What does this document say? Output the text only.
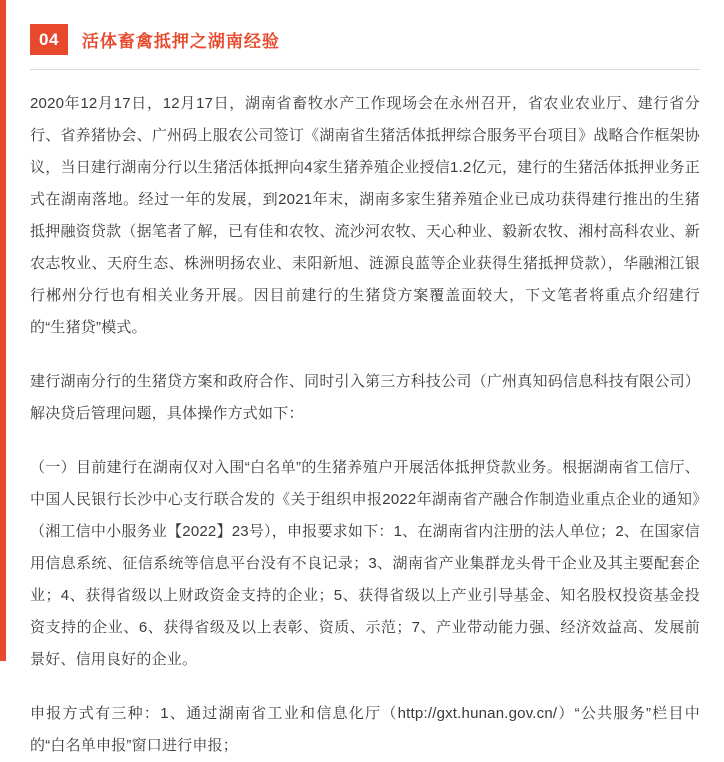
04	活体畜禽抵押之湖南经验

2020年12月17日，12月17日，湖南省畜牧水产工作现场会在永州召开，省农业农业厅、建行省分行、省养猪协会、广州码上服农公司签订《湖南省生猪活体抵押综合服务平台项目》战略合作框架协议，当日建行湖南分行以生猪活体抵押向4家生猪养殖企业授信1.2亿元，建行的生猪活体抵押业务正式在湖南落地。经过一年的发展，到2021年末，湖南多家生猪养殖企业已成功获得建行推出的生猪抵押融资贷款（据笔者了解，已有佳和农牧、流沙河农牧、天心种业、毅新农牧、湘村高科农业、新农志牧业、天府生态、株洲明扬农业、耒阳新旭、涟源良蓝等企业获得生猪抵押贷款），华融湘江银行郴州分行也有相关业务开展。因目前建行的生猪贷方案覆盖面较大，下文笔者将重点介绍建行的“生猪贷”模式。

建行湖南分行的生猪贷方案和政府合作、同时引入第三方科技公司（广州真知码信息科技有限公司）解决贷后管理问题，具体操作方式如下：

（一）目前建行在湖南仅对入围“白名单”的生猪养殖户开展活体抵押贷款业务。根据湖南省工信厅、中国人民银行长沙中心支行联合发的《关于组织申报2022年湖南省产融合作制造业重点企业的通知》（湘工信中小服务业【2022】23号），申报要求如下：1、在湖南省内注册的法人单位；2、在国家信用信息系统、征信系统等信息平台没有不良记录；3、湖南省产业集群龙头骨干企业及其主要配套企业；4、获得省级以上财政资金支持的企业；5、获得省级以上产业引导基金、知名股权投资基金投资支持的企业、6、获得省级及以上表彰、资质、示范；7、产业带动能力强、经济效益高、发展前景好、信用良好的企业。

申报方式有三种：1、通过湖南省工业和信息化厅（http://gxt.hunan.gov.cn/）“公共服务”栏目中的“白名单申报”窗口进行申报；
